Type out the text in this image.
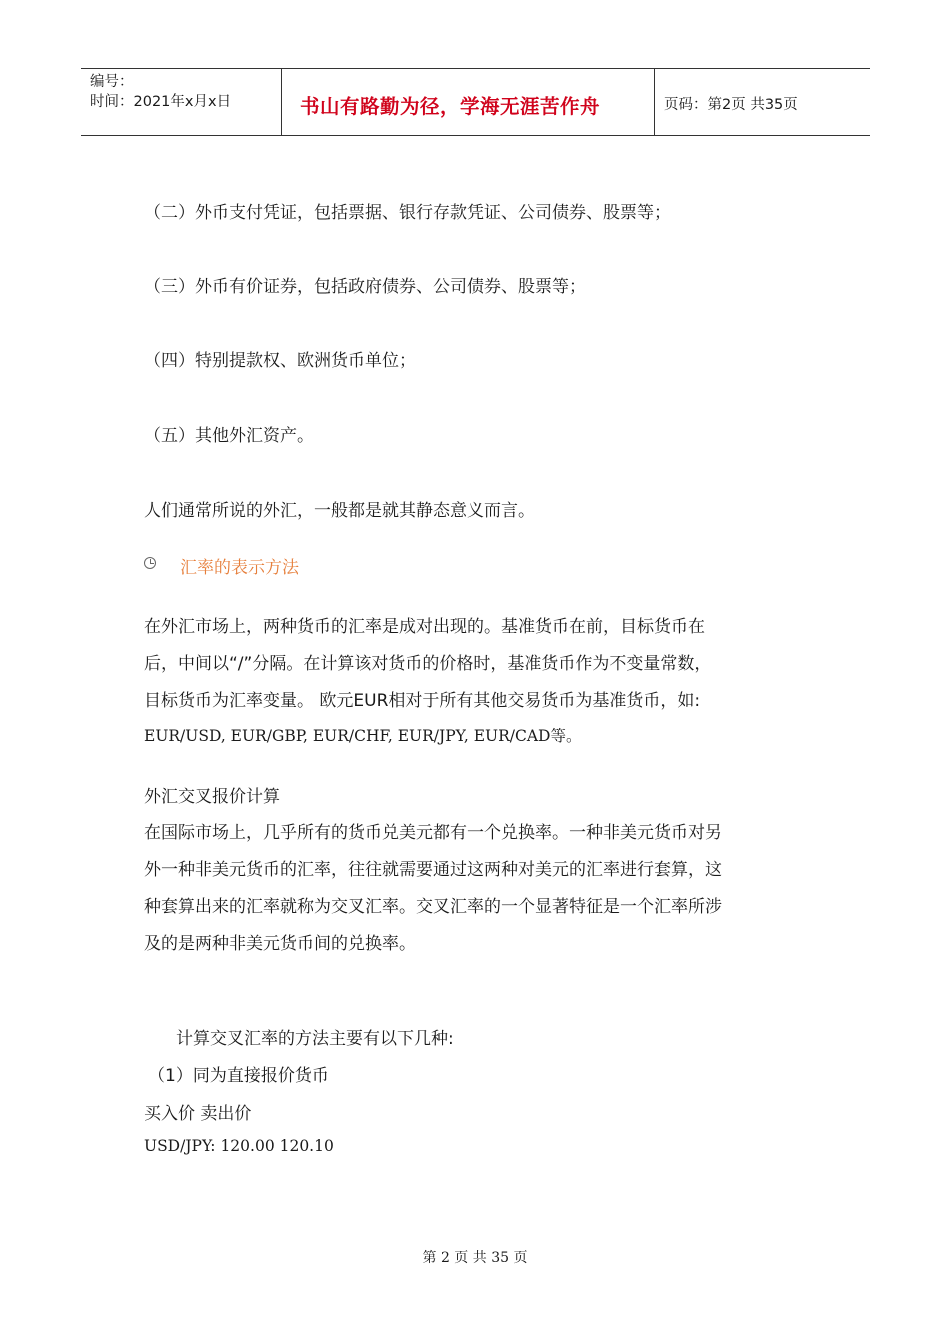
编号：
时间：2021年x月x日	书山有路勤为径，学海无涯苦作舟	页码：第2页 共35页
（二）外币支付凭证，包括票据、银行存款凭证、公司债券、股票等；
（三）外币有价证券，包括政府债券、公司债券、股票等；
（四）特别提款权、欧洲货币单位；
（五）其他外汇资产。
人们通常所说的外汇，一般都是就其静态意义而言。
汇率的表示方法
在外汇市场上，两种货币的汇率是成对出现的。基准货币在前，目标货币在
后，中间以“/”分隔。在计算该对货币的价格时，基准货币作为不变量常数，
目标货币为汇率变量。 欧元EUR相对于所有其他交易货币为基准货币，如:
EUR/USD, EUR/GBP, EUR/CHF, EUR/JPY, EUR/CAD等。
外汇交叉报价计算
在国际市场上，几乎所有的货币兑美元都有一个兑换率。一种非美元货币对另
外一种非美元货币的汇率，往往就需要通过这两种对美元的汇率进行套算，这
种套算出来的汇率就称为交叉汇率。交叉汇率的一个显著特征是一个汇率所涉
及的是两种非美元货币间的兑换率。
计算交叉汇率的方法主要有以下几种:
（1）同为直接报价货币
买入价 卖出价
USD/JPY: 120.00 120.10
第 2 页 共 35 页
